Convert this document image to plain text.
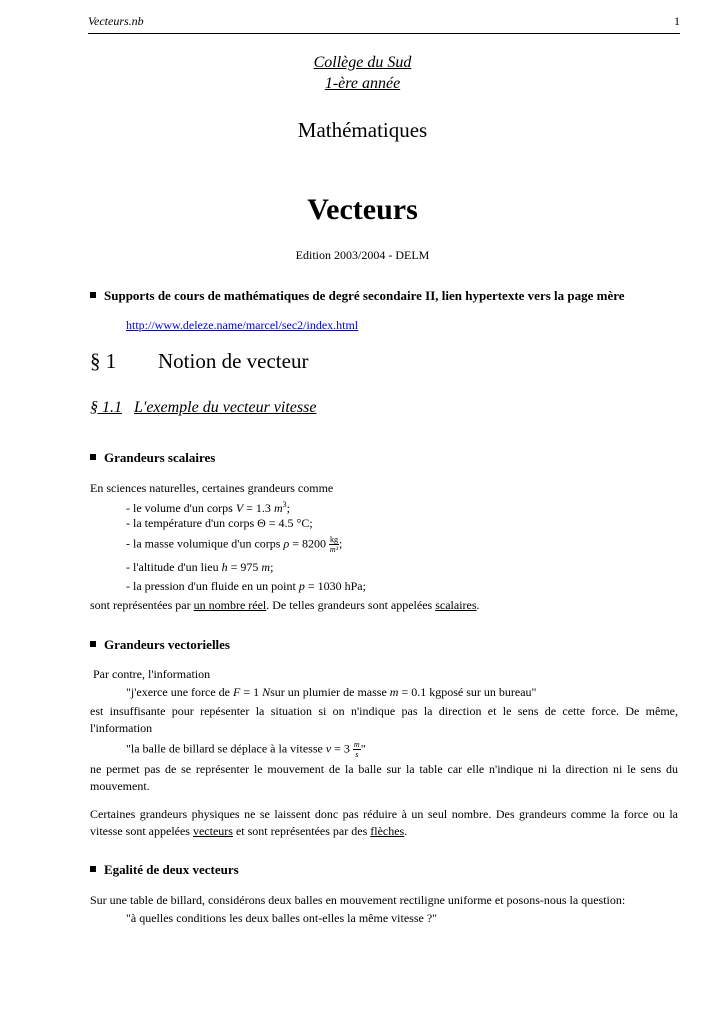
Vecteurs.nb	1
Collège du Sud
1-ère année
Mathématiques
Vecteurs
Edition 2003/2004 - DELM
Supports de cours de mathématiques de degré secondaire II, lien hypertexte vers la page mère
http://www.deleze.name/marcel/sec2/index.html
§ 1 Notion de vecteur
§ 1.1 L'exemple du vecteur vitesse
Grandeurs scalaires
En sciences naturelles, certaines grandeurs comme
- le volume d'un corps V = 1.3 $m^3$;
- la température d'un corps Θ = 4.5 °C;
- la masse volumique d'un corps $\rho = 8200 \frac{kg}{\text{m³}}$ ;
- l'altitude d'un lieu h = 975 m;
- la pression d'un fluide en un point p = 1030 hPa;
sont représentées par un nombre réel. De telles grandeurs sont appelées scalaires.
Grandeurs vectorielles
Par contre, l'information
"j'exerce une force de F = 1 Nsur un plumier de masse m = 0.1 kgposé sur un bureau"
est insuffisante pour repésenter la situation si on n'indique pas la direction et le sens de cette force. De même, l'information
"la balle de billard se déplace à la vitesse $v = 3 \frac{m}{s}$ "
ne permet pas de se représenter le mouvement de la balle sur la table car elle n'indique ni la direction ni le sens du mouvement.
Certaines grandeurs physiques ne se laissent donc pas réduire à un seul nombre. Des grandeurs comme la force ou la vitesse sont appelées vecteurs et sont représentées par des flèches.
Egalité de deux vecteurs
Sur une table de billard, considérons deux balles en mouvement rectiligne uniforme et posons-nous la question:
"à quelles conditions les deux balles ont-elles la même vitesse ?"
